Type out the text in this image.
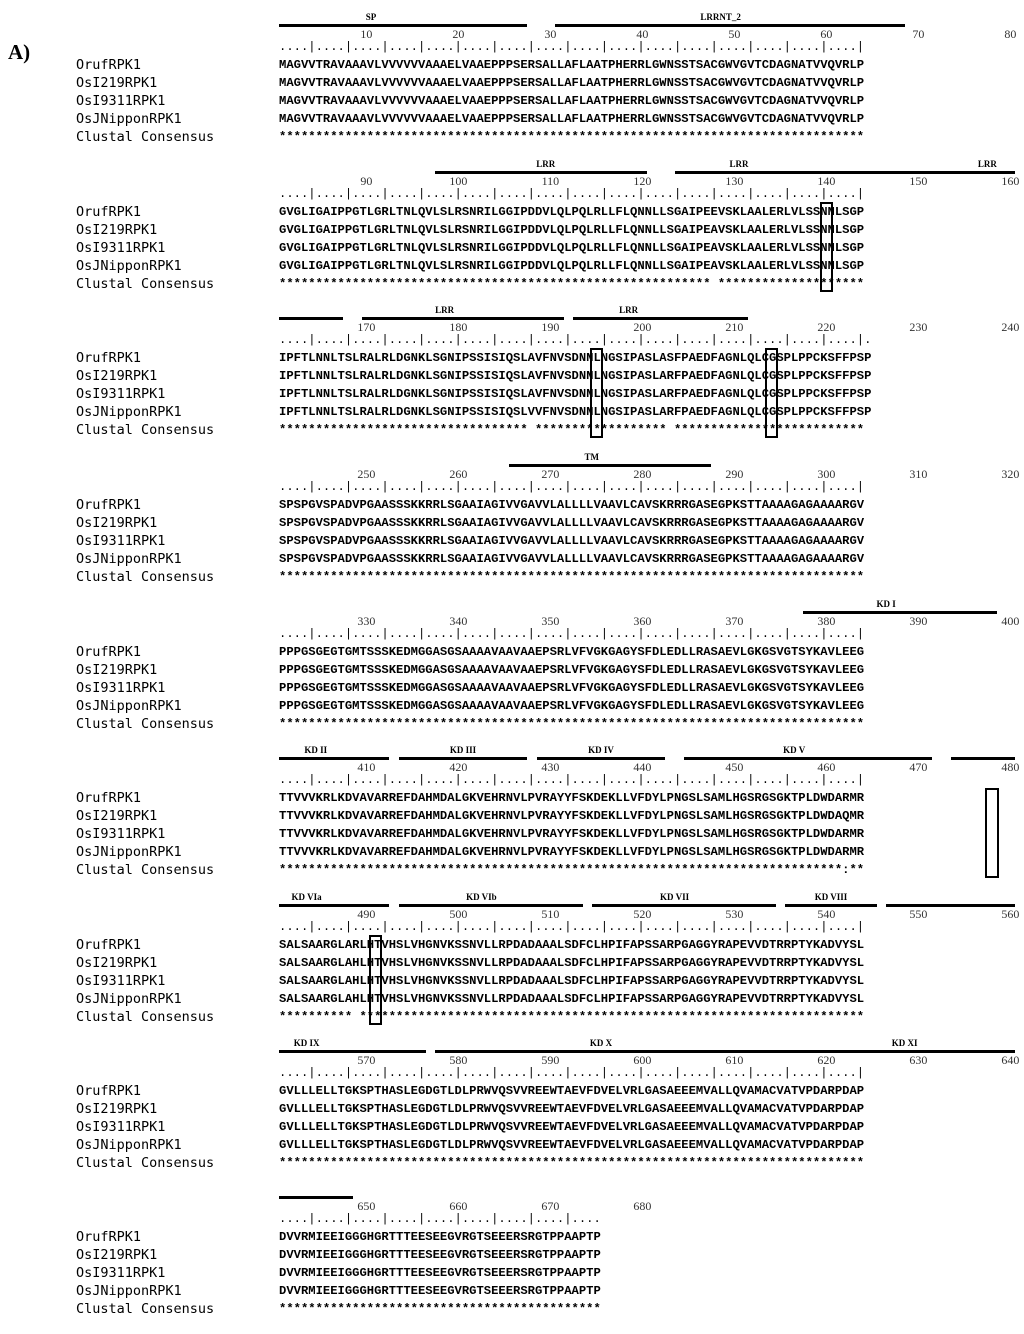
A)
SP	LRRNT_2
10	20	30	40	50	60	70	80
....|....|....|....|....|....|....|....|....|....|....|....|....|....|....|....|
OrufRPK1	MAGVVTRAVAAAVLVVVVVVAAAELVAAEPPPSERSALLAFLAATPHERRLGWNSSTSACGWVGVTCDAGNATVVQVRLP
OsI219RPK1	MAGVVTRAVAAAVLVVVVVVAAAELVAAEPPPSERSALLAFLAATPHERRLGWNSSTSACGWVGVTCDAGNATVVQVRLP
OsI9311RPK1	MAGVVTRAVAAAVLVVVVVVAAAELVAAEPPPSERSALLAFLAATPHERRLGWNSSTSACGWVGVTCDAGNATVVQVRLP
OsJNipponRPK1	MAGVVTRAVAAAVLVVVVVVAAAELVAAEPPPSERSALLAFLAATPHERRLGWNSSTSACGWVGVTCDAGNATVVQVRLP
Clustal Consensus	********************************************************************************
LRR	LRR	LRR
90	100	110	120	130	140	150	160
....|....|....|....|....|....|....|....|....|....|....|....|....|....|....|....|
OrufRPK1	GVGLIGAIPPGTLGRLTNLQVLSLRSNRILGGIPDDVLQLPQLRLLFLQNNLLSGAIPEEVSKLAALERLVLSSNNLSGP
OsI219RPK1	GVGLIGAIPPGTLGRLTNLQVLSLRSNRILGGIPDDVLQLPQLRLLFLQNNLLSGAIPEAVSKLAALERLVLSSNNLSGP
OsI9311RPK1	GVGLIGAIPPGTLGRLTNLQVLSLRSNRILGGIPDDVLQLPQLRLLFLQNNLLSGAIPEAVSKLAALERLVLSSNNLSGP
OsJNipponRPK1	GVGLIGAIPPGTLGRLTNLQVLSLRSNRILGGIPDDVLQLPQLRLLFLQNNLLSGAIPEAVSKLAALERLVLSSNNLSGP
Clustal Consensus	*********************************************************** ********************
LRR	LRR
170	180	190	200	210	220	230	240
....|....|....|....|....|....|....|....|....|....|....|....|....|....|....|....|.
OrufRPK1	IPFTLNNLTSLRALRLDGNKLSGNIPSSISIQSLAVFNVSDNNLNGSIPASLASFPAEDFAGNLQLCGSPLPPCKSFFPSP
OsI219RPK1	IPFTLNNLTSLRALRLDGNKLSGNIPSSISIQSLAVFNVSDNNLNGSIPASLARFPAEDFAGNLQLCGSPLPPCKSFFPSP
OsI9311RPK1	IPFTLNNLTSLRALRLDGNKLSGNIPSSISIQSLAVFNVSDNNLNGSIPASLARFPAEDFAGNLQLCGSPLPPCKSFFPSP
OsJNipponRPK1	IPFTLNNLTSLRALRLDGNKLSGNIPSSISIQSLVVFNVSDNNLNGSIPASLARFPAEDFAGNLQLCGSPLPPCKSFFPSP
Clustal Consensus	********************************** ****************** **************************
TM
250	260	270	280	290	300	310	320
....|....|....|....|....|....|....|....|....|....|....|....|....|....|....|....|
OrufRPK1	SPSPGVSPADVPGAASSSKKRRLSGAAIAGIVVGAVVLALLLLVAAVLCAVSKRRRGASEGPKSTTAAAAGAGAAAARGV
OsI219RPK1	SPSPGVSPADVPGAASSSKKRRLSGAAIAGIVVGAVVLALLLLVAAVLCAVSKRRRGASEGPKSTTAAAAGAGAAAARGV
OsI9311RPK1	SPSPGVSPADVPGAASSSKKRRLSGAAIAGIVVGAVVLALLLLVAAVLCAVSKRRRGASEGPKSTTAAAAGAGAAAARGV
OsJNipponRPK1	SPSPGVSPADVPGAASSSKKRRLSGAAIAGIVVGAVVLALLLLVAAVLCAVSKRRRGASEGPKSTTAAAAGAGAAAARGV
Clustal Consensus	********************************************************************************
KD I
330	340	350	360	370	380	390	400
....|....|....|....|....|....|....|....|....|....|....|....|....|....|....|....|
OrufRPK1	PPPGSGEGTGMTSSSKEDMGGASGSAAAAVAAVAAEPSRLVFVGKGAGYSFDLEDLLRASAEVLGKGSVGTSYKAVLEEG
OsI219RPK1	PPPGSGEGTGMTSSSKEDMGGASGSAAAAVAAVAAEPSRLVFVGKGAGYSFDLEDLLRASAEVLGKGSVGTSYKAVLEEG
OsI9311RPK1	PPPGSGEGTGMTSSSKEDMGGASGSAAAAVAAVAAEPSRLVFVGKGAGYSFDLEDLLRASAEVLGKGSVGTSYKAVLEEG
OsJNipponRPK1	PPPGSGEGTGMTSSSKEDMGGASGSAAAAVAAVAAEPSRLVFVGKGAGYSFDLEDLLRASAEVLGKGSVGTSYKAVLEEG
Clustal Consensus	********************************************************************************
KD II	KD III	KD IV	KD V
410	420	430	440	450	460	470	480
....|....|....|....|....|....|....|....|....|....|....|....|....|....|....|....|
OrufRPK1	TTVVVKRLKDVAVARREFDAHMDALGKVEHRNVLPVRAYYFSKDEKLLVFDYLPNGSLSAMLHGSRGSGKTPLDWDARMR
OsI219RPK1	TTVVVKRLKDVAVARREFDAHMDALGKVEHRNVLPVRAYYFSKDEKLLVFDYLPNGSLSAMLHGSRGSGKTPLDWDAQMR
OsI9311RPK1	TTVVVKRLKDVAVARREFDAHMDALGKVEHRNVLPVRAYYFSKDEKLLVFDYLPNGSLSAMLHGSRGSGKTPLDWDARMR
OsJNipponRPK1	TTVVVKRLKDVAVARREFDAHMDALGKVEHRNVLPVRAYYFSKDEKLLVFDYLPNGSLSAMLHGSRGSGKTPLDWDARMR
Clustal Consensus	*****************************************************************************:**
KD VIa	KD VIb	KD VII	KD VIII
490	500	510	520	530	540	550	560
....|....|....|....|....|....|....|....|....|....|....|....|....|....|....|....|
OrufRPK1	SALSAARGLARLHTVHSLVHGNVKSSNVLLRPDADAAALSDFCLHPIFAPSSARPGAGGYRAPEVVDTRRPTYKADVYSL
OsI219RPK1	SALSAARGLAHLHTVHSLVHGNVKSSNVLLRPDADAAALSDFCLHPIFAPSSARPGAGGYRAPEVVDTRRPTYKADVYSL
OsI9311RPK1	SALSAARGLAHLHTVHSLVHGNVKSSNVLLRPDADAAALSDFCLHPIFAPSSARPGAGGYRAPEVVDTRRPTYKADVYSL
OsJNipponRPK1	SALSAARGLAHLHTVHSLVHGNVKSSNVLLRPDADAAALSDFCLHPIFAPSSARPGAGGYRAPEVVDTRRPTYKADVYSL
Clustal Consensus	********** *********************************************************************
KD IX	KD X	KD XI
570	580	590	600	610	620	630	640
....|....|....|....|....|....|....|....|....|....|....|....|....|....|....|....|
OrufRPK1	GVLLLELLTGKSPTHASLEGDGTLDLPRWVQSVVREEWTAEVFDVELVRLGASAEEEMVALLQVAMACVATVPDARPDAP
OsI219RPK1	GVLLLELLTGKSPTHASLEGDGTLDLPRWVQSVVREEWTAEVFDVELVRLGASAEEEMVALLQVAMACVATVPDARPDAP
OsI9311RPK1	GVLLLELLTGKSPTHASLEGDGTLDLPRWVQSVVREEWTAEVFDVELVRLGASAEEEMVALLQVAMACVATVPDARPDAP
OsJNipponRPK1	GVLLLELLTGKSPTHASLEGDGTLDLPRWVQSVVREEWTAEVFDVELVRLGASAEEEMVALLQVAMACVATVPDARPDAP
Clustal Consensus	********************************************************************************
650	660	670	680
....|....|....|....|....|....|....|....|....
OrufRPK1	DVVRMIEEIGGGHGRTTTEESEEGVRGTSEEERSRGTPPAAPTP
OsI219RPK1	DVVRMIEEIGGGHGRTTTEESEEGVRGTSEEERSRGTPPAAPTP
OsI9311RPK1	DVVRMIEEIGGGHGRTTTEESEEGVRGTSEEERSRGTPPAAPTP
OsJNipponRPK1	DVVRMIEEIGGGHGRTTTEESEEGVRGTSEEERSRGTPPAAPTP
Clustal Consensus	********************************************
